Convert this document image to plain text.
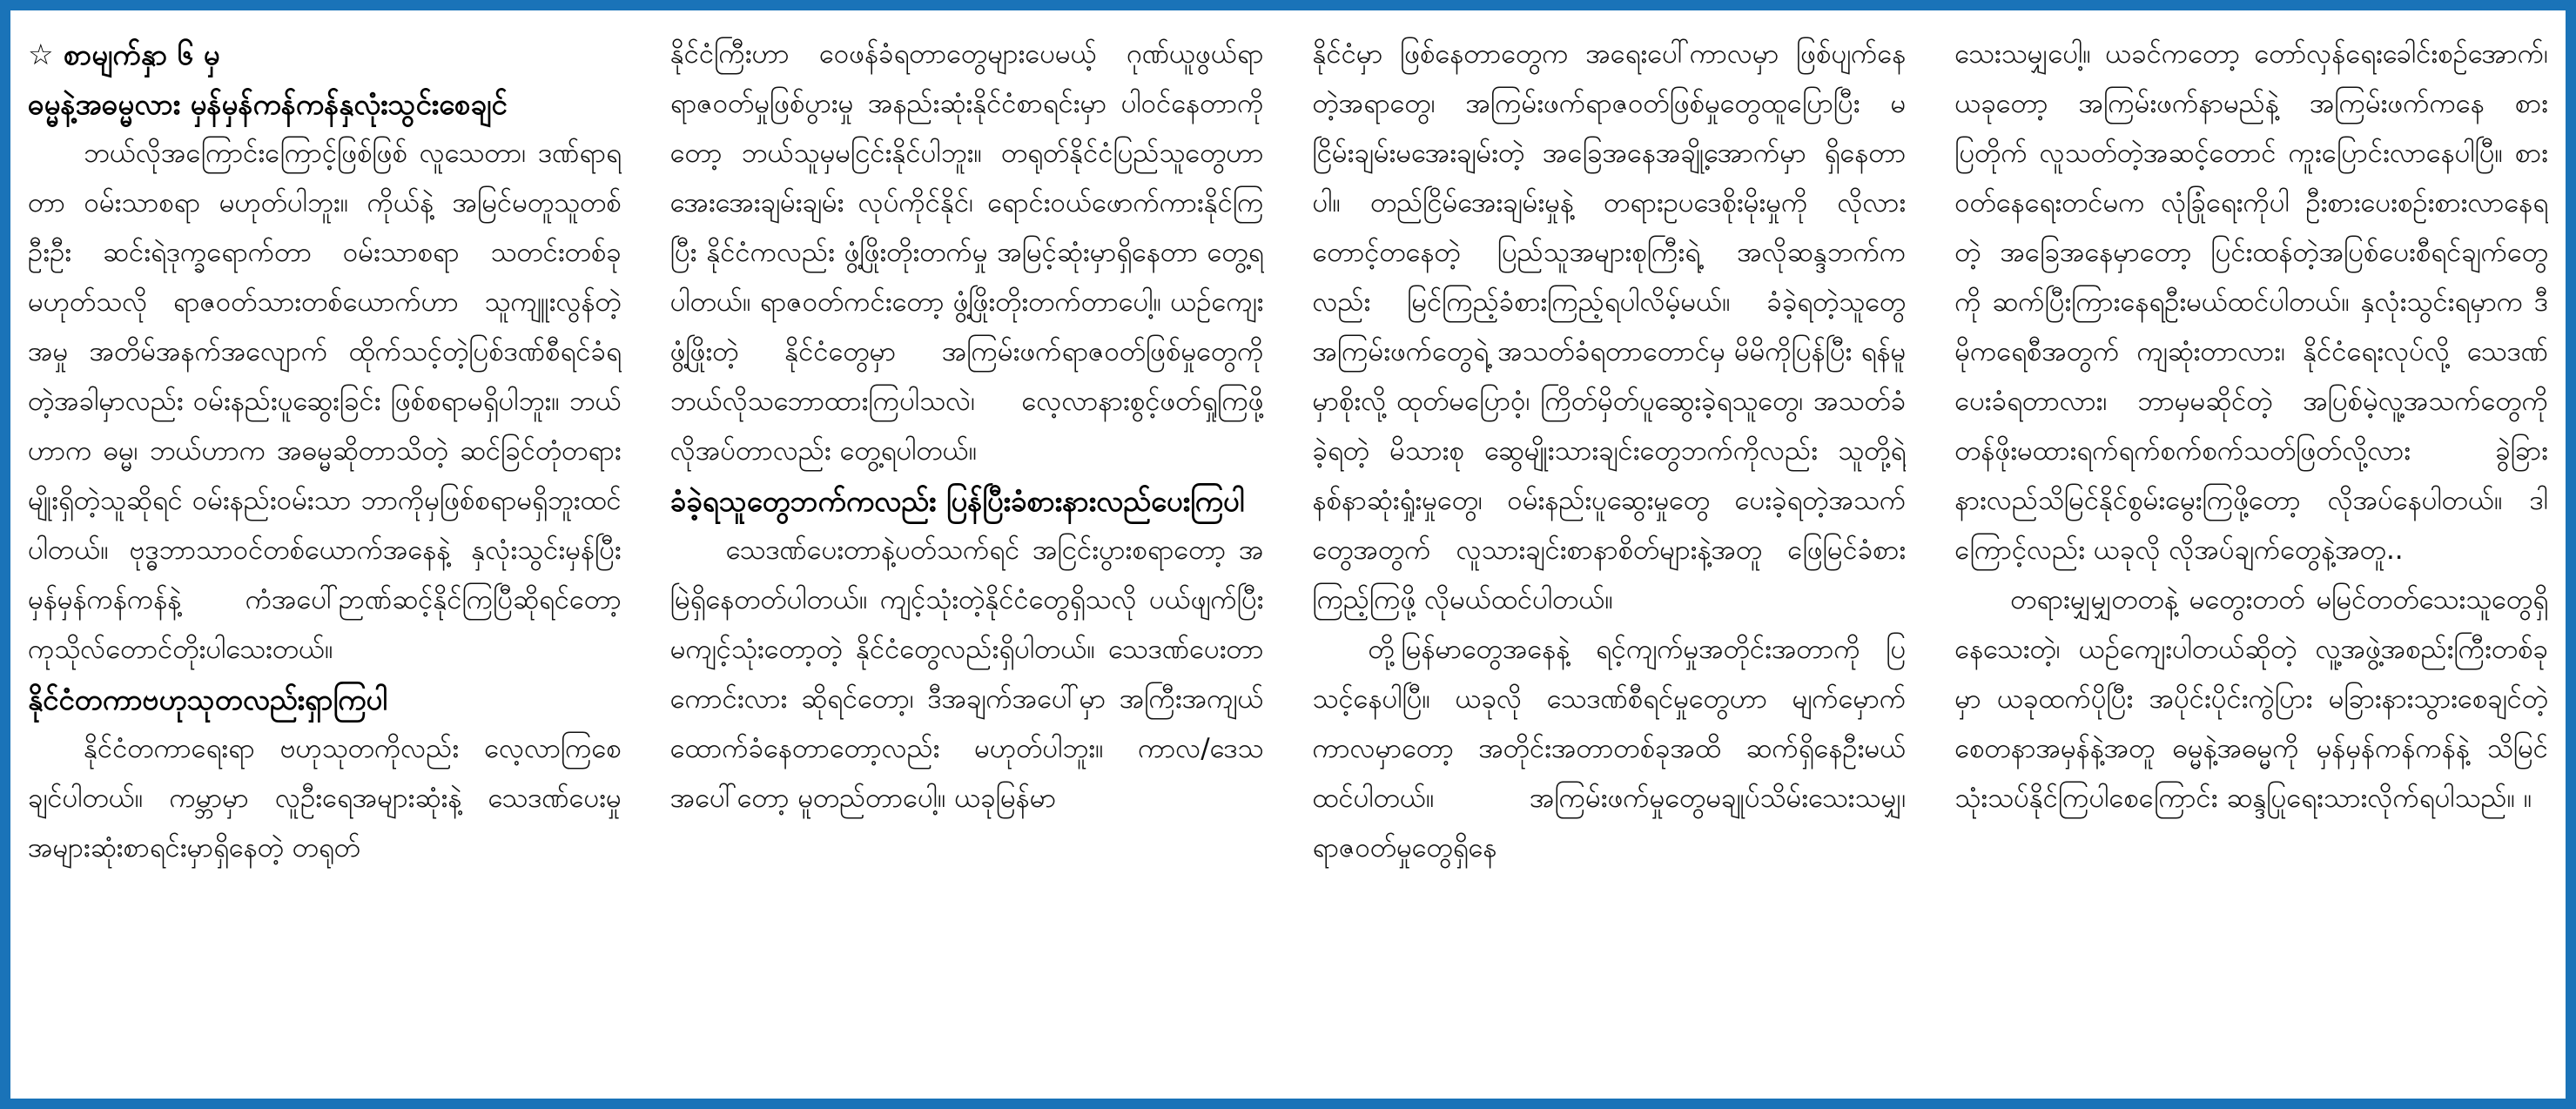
☆ စာမျက်နှာ ၆ မှ

ဓမ္မနဲ့အဓမ္မလား မှန်မှန်ကန်ကန်နှလုံးသွင်းစေချင်

ဘယ်လိုအကြောင်းကြောင့်ဖြစ်ဖြစ် လူသေတာ၊ ဒဏ်ရာရတာ ဝမ်းသာစရာ မဟုတ်ပါဘူး။ ကိုယ်နဲ့ အမြင်မတူသူတစ်ဦးဦး ဆင်းရဲဒုက္ခရောက်တာ ဝမ်းသာစရာ သတင်းတစ်ခုမဟုတ်သလို ရာဇဝတ်သားတစ်ယောက်ဟာ သူကျူးလွန်တဲ့အမှု အတိမ်အနက်အလျောက် ထိုက်သင့်တဲ့ပြစ်ဒဏ်စီရင်ခံရတဲ့အခါမှာလည်း ဝမ်းနည်းပူဆွေးခြင်း ဖြစ်စရာမရှိပါဘူး။ ဘယ်ဟာက ဓမ္မ၊ ဘယ်ဟာက အဓမ္မဆိုတာသိတဲ့ ဆင်ခြင်တုံတရားမျိုးရှိတဲ့သူဆိုရင် ဝမ်းနည်းဝမ်းသာ ဘာကိုမှဖြစ်စရာမရှိဘူးထင်ပါတယ်။ ဗုဒ္ဓဘာသာဝင်တစ်ယောက်အနေနဲ့ နှလုံးသွင်းမှန်ပြီး မှန်မှန်ကန်ကန်နဲ့ ကံအပေါ်ဉာဏ်ဆင့်နိုင်ကြပြီဆိုရင်တော့ ကုသိုလ်တောင်တိုးပါသေးတယ်။

နိုင်ငံတကာဗဟုသုတလည်းရှာကြပါ

နိုင်ငံတကာရေးရာ ဗဟုသုတကိုလည်း လေ့လာကြစေချင်ပါတယ်။ ကမ္ဘာမှာ လူဦးရေအများဆုံးနဲ့ သေဒဏ်ပေးမှုအများဆုံးစာရင်းမှာရှိနေတဲ့ တရုတ်

နိုင်ငံကြီးဟာ ဝေဖန်ခံရတာတွေများပေမယ့် ဂုဏ်ယူဖွယ်ရာ ရာဇဝတ်မှုဖြစ်ပွားမှု အနည်းဆုံးနိုင်ငံစာရင်းမှာ ပါဝင်နေတာကိုတော့ ဘယ်သူမှမငြင်းနိုင်ပါဘူး။ တရုတ်နိုင်ငံပြည်သူတွေဟာ အေးအေးချမ်းချမ်း လုပ်ကိုင်နိုင်၊ ရောင်းဝယ်ဖောက်ကားနိုင်ကြပြီး နိုင်ငံကလည်း ဖွံ့ဖြိုးတိုးတက်မှု အမြင့်ဆုံးမှာရှိနေတာ တွေ့ရပါတယ်။ ရာဇဝတ်ကင်းတော့ ဖွံ့ဖြိုးတိုးတက်တာပေါ့။ ယဉ်ကျေးဖွံ့ဖြိုးတဲ့ နိုင်ငံတွေမှာ အကြမ်းဖက်ရာဇဝတ်ဖြစ်မှုတွေကို ဘယ်လိုသဘောထားကြပါသလဲ၊ လေ့လာနားစွင့်ဖတ်ရှုကြဖို့ လိုအပ်တာလည်း တွေ့ရပါတယ်။

ခံခဲ့ရသူတွေဘက်ကလည်း ပြန်ပြီးခံစားနားလည်ပေးကြပါ

သေဒဏ်ပေးတာနဲ့ပတ်သက်ရင် အငြင်းပွားစရာတော့ အမြဲရှိနေတတ်ပါတယ်။ ကျင့်သုံးတဲ့နိုင်ငံတွေရှိသလို ပယ်ဖျက်ပြီး မကျင့်သုံးတော့တဲ့ နိုင်ငံတွေလည်းရှိပါတယ်။ သေဒဏ်ပေးတာကောင်းလား ဆိုရင်တော့၊ ဒီအချက်အပေါ်မှာ အကြီးအကျယ်ထောက်ခံနေတာတော့လည်း မဟုတ်ပါဘူး။ ကာလ/ဒေသအပေါ်တော့ မူတည်တာပေါ့။ ယခုမြန်မာ

နိုင်ငံမှာ ဖြစ်နေတာတွေက အရေးပေါ်ကာလမှာ ဖြစ်ပျက်နေတဲ့အရာတွေ၊ အကြမ်းဖက်ရာဇဝတ်ဖြစ်မှုတွေထူပြောပြီး မငြိမ်းချမ်းမအေးချမ်းတဲ့ အခြေအနေအချို့အောက်မှာ ရှိနေတာပါ။ တည်ငြိမ်အေးချမ်းမှုနဲ့ တရားဥပဒေစိုးမိုးမှုကို လိုလားတောင့်တနေတဲ့ ပြည်သူအများစုကြီးရဲ့ အလိုဆန္ဒဘက်ကလည်း မြင်ကြည့်ခံစားကြည့်ရပါလိမ့်မယ်။ ခံခဲ့ရတဲ့သူတွေ အကြမ်းဖက်တွေရဲ့ အသတ်ခံရတာတောင်မှ မိမိကိုပြန်ပြီး ရန်မူမှာစိုးလို့ ထုတ်မပြောဝံ့၊ ကြိတ်မှိတ်ပူဆွေးခဲ့ရသူတွေ၊ အသတ်ခံခဲ့ရတဲ့ မိသားစု ဆွေမျိုးသားချင်းတွေဘက်ကိုလည်း သူတို့ရဲ့နစ်နာဆုံးရှုံးမှုတွေ၊ ဝမ်းနည်းပူဆွေးမှုတွေ ပေးခဲ့ရတဲ့အသက်တွေအတွက် လူသားချင်းစာနာစိတ်များနဲ့အတူ ဖြေမြင်ခံစားကြည့်ကြဖို့ လိုမယ်ထင်ပါတယ်။

တို့မြန်မာတွေအနေနဲ့ ရင့်ကျက်မှုအတိုင်းအတာကို ပြသင့်နေပါပြီ။ ယခုလို သေဒဏ်စီရင်မှုတွေဟာ မျက်မှောက်ကာလမှာတော့ အတိုင်းအတာတစ်ခုအထိ ဆက်ရှိနေဦးမယ်ထင်ပါတယ်။ အကြမ်းဖက်မှုတွေမချုပ်သိမ်းသေးသမျှ၊ ရာဇဝတ်မှုတွေရှိနေ

သေးသမျှပေါ့။ ယခင်ကတော့ တော်လှန်ရေးခေါင်းစဉ်အောက်၊ ယခုတော့ အကြမ်းဖက်နာမည်နဲ့ အကြမ်းဖက်ကနေ စားပြတိုက် လူသတ်တဲ့အဆင့်တောင် ကူးပြောင်းလာနေပါပြီ။ စားဝတ်နေရေးတင်မက လုံခြုံရေးကိုပါ ဦးစားပေးစဉ်းစားလာနေရတဲ့ အခြေအနေမှာတော့ ပြင်းထန်တဲ့အပြစ်ပေးစီရင်ချက်တွေကို ဆက်ပြီးကြားနေရဦးမယ်ထင်ပါတယ်။ နှလုံးသွင်းရမှာက ဒီမိုကရေစီအတွက် ကျဆုံးတာလား၊ နိုင်ငံရေးလုပ်လို့ သေဒဏ်ပေးခံရတာလား၊ ဘာမှမဆိုင်တဲ့ အပြစ်မဲ့လူ့အသက်တွေကို တန်ဖိုးမထားရက်ရက်စက်စက်သတ်ဖြတ်လို့လား ခွဲခြားနားလည်သိမြင်နိုင်စွမ်းမွေးကြဖို့တော့ လိုအပ်နေပါတယ်။ ဒါကြောင့်လည်း ယခုလို လိုအပ်ချက်တွေနဲ့အတူ..

တရားမျှမျှတတနဲ့ မတွေးတတ် မမြင်တတ်သေးသူတွေရှိနေသေးတဲ့၊ ယဉ်ကျေးပါတယ်ဆိုတဲ့ လူ့အဖွဲ့အစည်းကြီးတစ်ခုမှာ ယခုထက်ပိုပြီး အပိုင်းပိုင်းကွဲပြား မခြားနားသွားစေချင်တဲ့ စေတနာအမှန်နဲ့အတူ ဓမ္မနဲ့အဓမ္မကို မှန်မှန်ကန်ကန်နဲ့ သိမြင်သုံးသပ်နိုင်ကြပါစေကြောင်း ဆန္ဒပြုရေးသားလိုက်ရပါသည်။ ။
